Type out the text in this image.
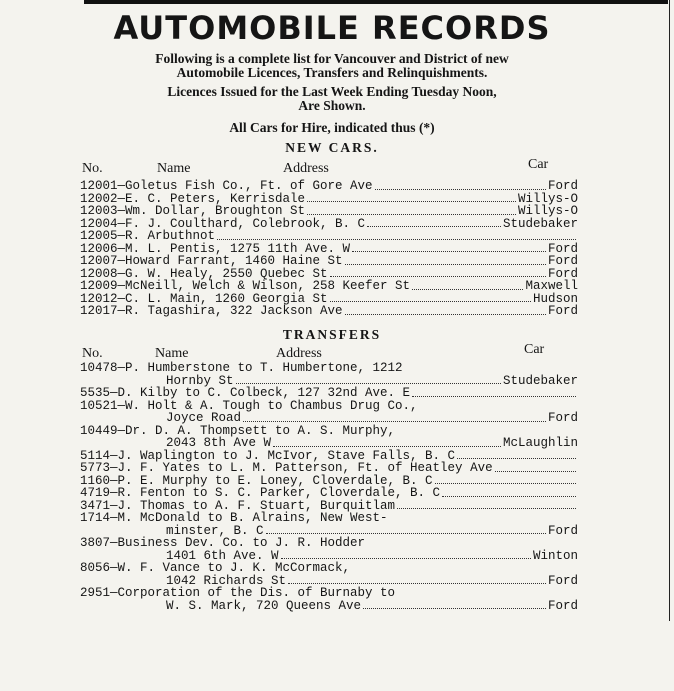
AUTOMOBILE RECORDS

Following is a complete list for Vancouver and District of new

Automobile Licences, Transfers and Relinquishments.

Licences Issued for the Last Week Ending Tuesday Noon,

Are Shown.

All Cars for Hire, indicated thus (*)

NEW CARS.
No.	Name	Address	Car
12001—Goletus Fish Co., Ft. of Gore Ave	Ford
12002—E. C. Peters, Kerrisdale	Willys-O
12003—Wm. Dollar, Broughton St	Willys-O
12004—F. J. Coulthard, Colebrook, B. C	Studebaker
12005—R. Arbuthnot
12006—M. L. Pentis, 1275 11th Ave. W	Ford
12007—Howard Farrant, 1460 Haine St	Ford
12008—G. W. Healy, 2550 Quebec St	Ford
12009—McNeill, Welch & Wilson, 258 Keefer St	Maxwell
12012—C. L. Main, 1260 Georgia St	Hudson
12017—R. Tagashira, 322 Jackson Ave	Ford
TRANSFERS
No.	Name	Address	Car
10478—P. Humberstone to T. Humbertone, 1212
Hornby St	Studebaker
5535—D. Kilby to C. Colbeck, 127 32nd Ave. E
10521—W. Holt & A. Tough to Chambus Drug Co.,
Joyce Road	Ford
10449—Dr. D. A. Thompsett to A. S. Murphy,
2043 8th Ave W	McLaughlin
5114—J. Waplington to J. McIvor, Stave Falls, B. C
5773—J. F. Yates to L. M. Patterson, Ft. of Heatley Ave
1160—P. E. Murphy to E. Loney, Cloverdale, B. C
4719—R. Fenton to S. C. Parker, Cloverdale, B. C
3471—J. Thomas to A. F. Stuart, Burquitlam
1714—M. McDonald to B. Alrains, New West-
minster, B. C	Ford
3807—Business Dev. Co. to J. R. Hodder
1401 6th Ave. W	Winton
8056—W. F. Vance to J. K. McCormack,
1042 Richards St	Ford
2951—Corporation of the Dis. of Burnaby to
W. S. Mark, 720 Queens Ave	Ford
